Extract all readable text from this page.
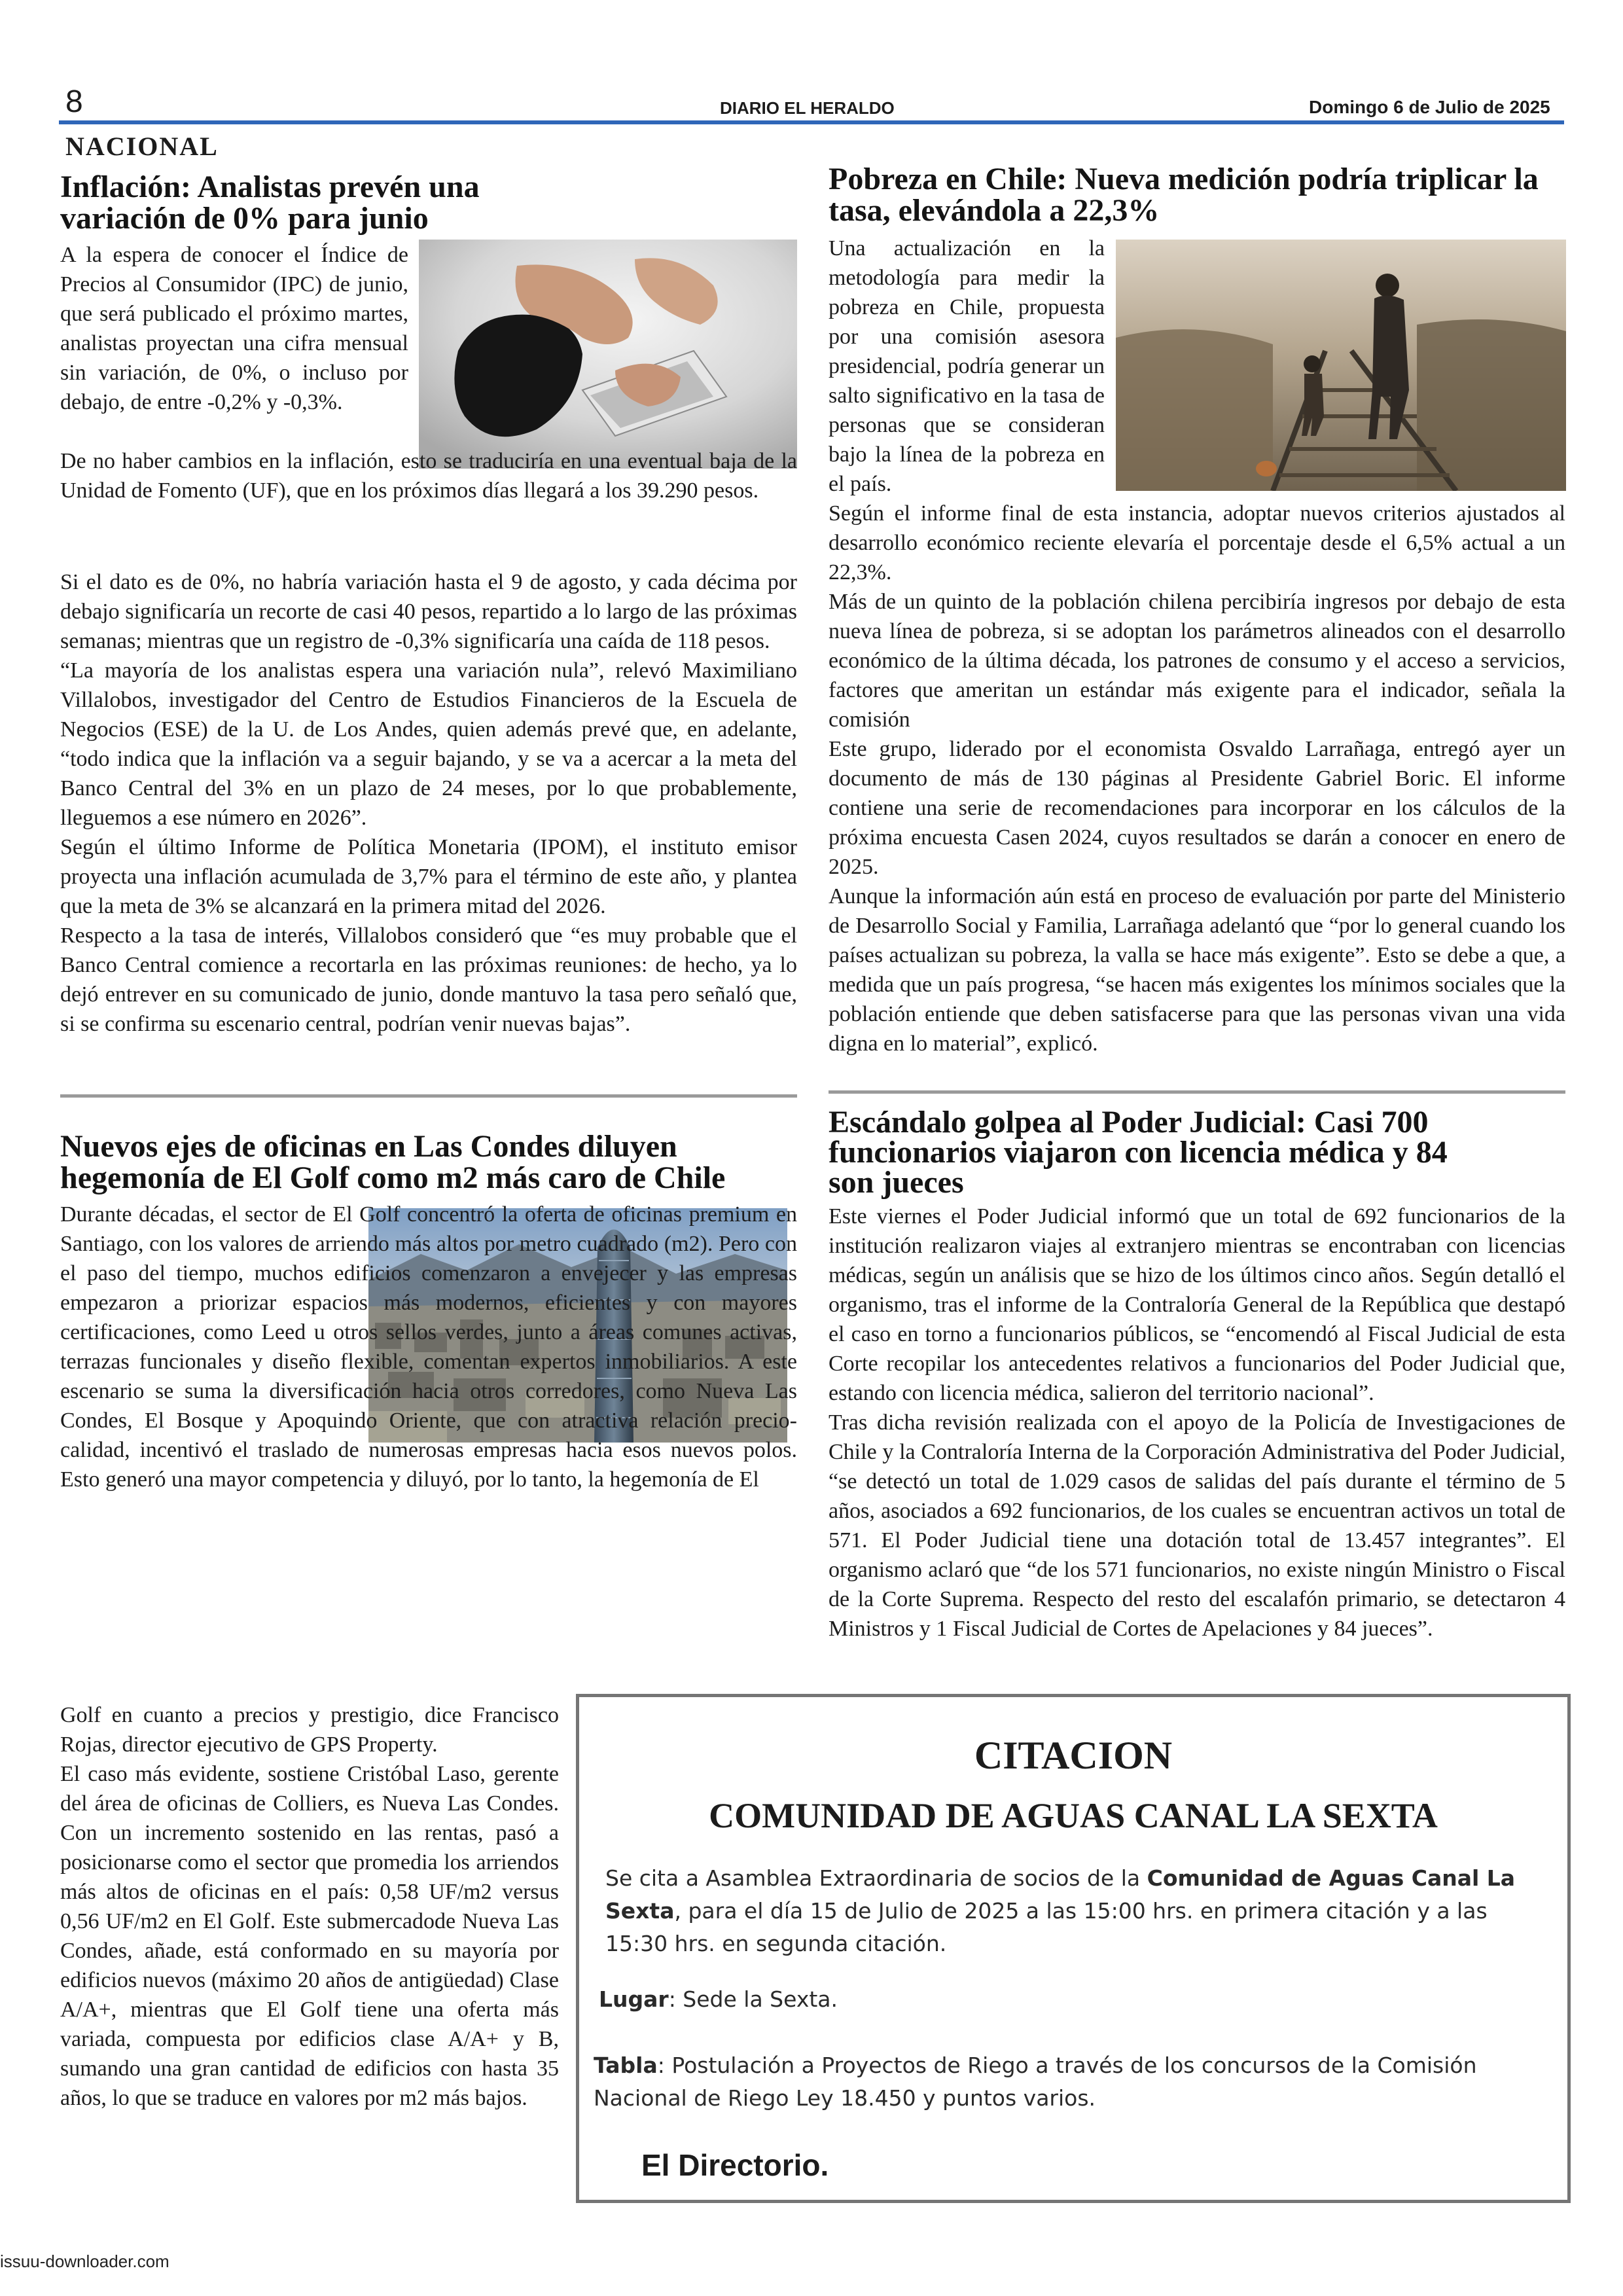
8	DIARIO EL HERALDO	Domingo 6 de Julio de 2025
NACIONAL
Inflación: Analistas prevén una variación de 0% para junio

A la espera de conocer el Índice de Precios al Consumidor (IPC) de junio, que será publicado el próximo martes, analistas proyectan una cifra mensual sin variación, de 0%, o incluso por debajo, de entre -0,2% y -0,3%.

De no haber cambios en la inflación, esto se traduciría en una eventual baja de la Unidad de Fomento (UF), que en los próximos días llegará a los 39.290 pesos.

Si el dato es de 0%, no habría variación hasta el 9 de agosto, y cada décima por debajo significaría un recorte de casi 40 pesos, repartido a lo largo de las próximas semanas; mientras que un registro de -0,3% significaría una caída de 118 pesos.

“La mayoría de los analistas espera una variación nula”, relevó Maximiliano Villalobos, investigador del Centro de Estudios Financieros de la Escuela de Negocios (ESE) de la U. de Los Andes, quien además prevé que, en adelante, “todo indica que la inflación va a seguir bajando, y se va a acercar a la meta del Banco Central del 3% en un plazo de 24 meses, por lo que probablemente, lleguemos a ese número en 2026”.

Según el último Informe de Política Monetaria (IPOM), el instituto emisor proyecta una inflación acumulada de 3,7% para el término de este año, y plantea que la meta de 3% se alcanzará en la primera mitad del 2026.

Respecto a la tasa de interés, Villalobos consideró que “es muy probable que el Banco Central comience a recortarla en las próximas reuniones: de hecho, ya lo dejó entrever en su comunicado de junio, donde mantuvo la tasa pero señaló que, si se confirma su escenario central, podrían venir nuevas bajas”.

Pobreza en Chile: Nueva medición podría triplicar la tasa, elevándola a 22,3%

Una actualización en la metodología para medir la pobreza en Chile, propuesta por una comisión asesora presidencial, podría generar un salto significativo en la tasa de personas que se consideran bajo la línea de la pobreza en el país.

Según el informe final de esta instancia, adoptar nuevos criterios ajustados al desarrollo económico reciente elevaría el porcentaje desde el 6,5% actual a un 22,3%.

Más de un quinto de la población chilena percibiría ingresos por debajo de esta nueva línea de pobreza, si se adoptan los parámetros alineados con el desarrollo económico de la última década, los patrones de consumo y el acceso a servicios, factores que ameritan un estándar más exigente para el indicador, señala la comisión

Este grupo, liderado por el economista Osvaldo Larrañaga, entregó ayer un documento de más de 130 páginas al Presidente Gabriel Boric. El informe contiene una serie de recomendaciones para incorporar en los cálculos de la próxima encuesta Casen 2024, cuyos resultados se darán a conocer en enero de 2025.

Aunque la información aún está en proceso de evaluación por parte del Ministerio de Desarrollo Social y Familia, Larrañaga adelantó que “por lo general cuando los países actualizan su pobreza, la valla se hace más exigente”. Esto se debe a que, a medida que un país progresa, “se hacen más exigentes los mínimos sociales que la población entiende que deben satisfacerse para que las personas vivan una vida digna en lo material”, explicó.

Nuevos ejes de oficinas en Las Condes diluyen hegemonía de El Golf como m2 más caro de Chile

Durante décadas, el sector de El Golf concentró la oferta de oficinas premium en Santiago, con los valores de arriendo más altos por metro cuadrado (m2). Pero con el paso del tiempo, muchos edificios comenzaron a envejecer y las empresas empezaron a priorizar espacios más modernos, eficientes y con mayores certificaciones, como Leed u otros sellos verdes, junto a áreas comunes activas, terrazas funcionales y diseño flexible, comentan expertos inmobiliarios. A este escenario se suma la diversificación hacia otros corredores, como Nueva Las Condes, El Bosque y Apoquindo Oriente, que con atractiva relación precio-calidad, incentivó el traslado de numerosas empresas hacia esos nuevos polos. Esto generó una mayor competencia y diluyó, por lo tanto, la hegemonía de El

Golf en cuanto a precios y prestigio, dice Francisco Rojas, director ejecutivo de GPS Property.

El caso más evidente, sostiene Cristóbal Laso, gerente del área de oficinas de Colliers, es Nueva Las Condes. Con un incremento sostenido en las rentas, pasó a posicionarse como el sector que promedia los arriendos más altos de oficinas en el país: 0,58 UF/m2 versus 0,56 UF/m2 en El Golf. Este submercadode Nueva Las Condes, añade, está conformado en su mayoría por edificios nuevos (máximo 20 años de antigüedad) Clase A/A+, mientras que El Golf tiene una oferta más variada, compuesta por edificios clase A/A+ y B, sumando una gran cantidad de edificios con hasta 35 años, lo que se traduce en valores por m2 más bajos.

Escándalo golpea al Poder Judicial: Casi 700 funcionarios viajaron con licencia médica y 84 son jueces

Este viernes el Poder Judicial informó que un total de 692 funcionarios de la institución realizaron viajes al extranjero mientras se encontraban con licencias médicas, según un análisis que se hizo de los últimos cinco años. Según detalló el organismo, tras el informe de la Contraloría General de la República que destapó el caso en torno a funcionarios públicos, se “encomendó al Fiscal Judicial de esta Corte recopilar los antecedentes relativos a funcionarios del Poder Judicial que, estando con licencia médica, salieron del territorio nacional”.

Tras dicha revisión realizada con el apoyo de la Policía de Investigaciones de Chile y la Contraloría Interna de la Corporación Administrativa del Poder Judicial, “se detectó un total de 1.029 casos de salidas del país durante el término de 5 años, asociados a 692 funcionarios, de los cuales se encuentran activos un total de 571. El Poder Judicial tiene una dotación total de 13.457 integrantes”. El organismo aclaró que “de los 571 funcionarios, no existe ningún Ministro o Fiscal de la Corte Suprema. Respecto del resto del escalafón primario, se detectaron 4 Ministros y 1 Fiscal Judicial de Cortes de Apelaciones y 84 jueces”.

CITACION
COMUNIDAD DE AGUAS CANAL LA SEXTA
Se cita a Asamblea Extraordinaria de socios de la Comunidad de Aguas Canal La Sexta, para el día 15 de Julio de 2025 a las 15:00 hrs. en primera citación y a las 15:30 hrs. en segunda citación.
Lugar: Sede la Sexta.
Tabla: Postulación a Proyectos de Riego a través de los concursos de la Comisión Nacional de Riego Ley 18.450 y puntos varios.
El Directorio.
issuu-downloader.com
